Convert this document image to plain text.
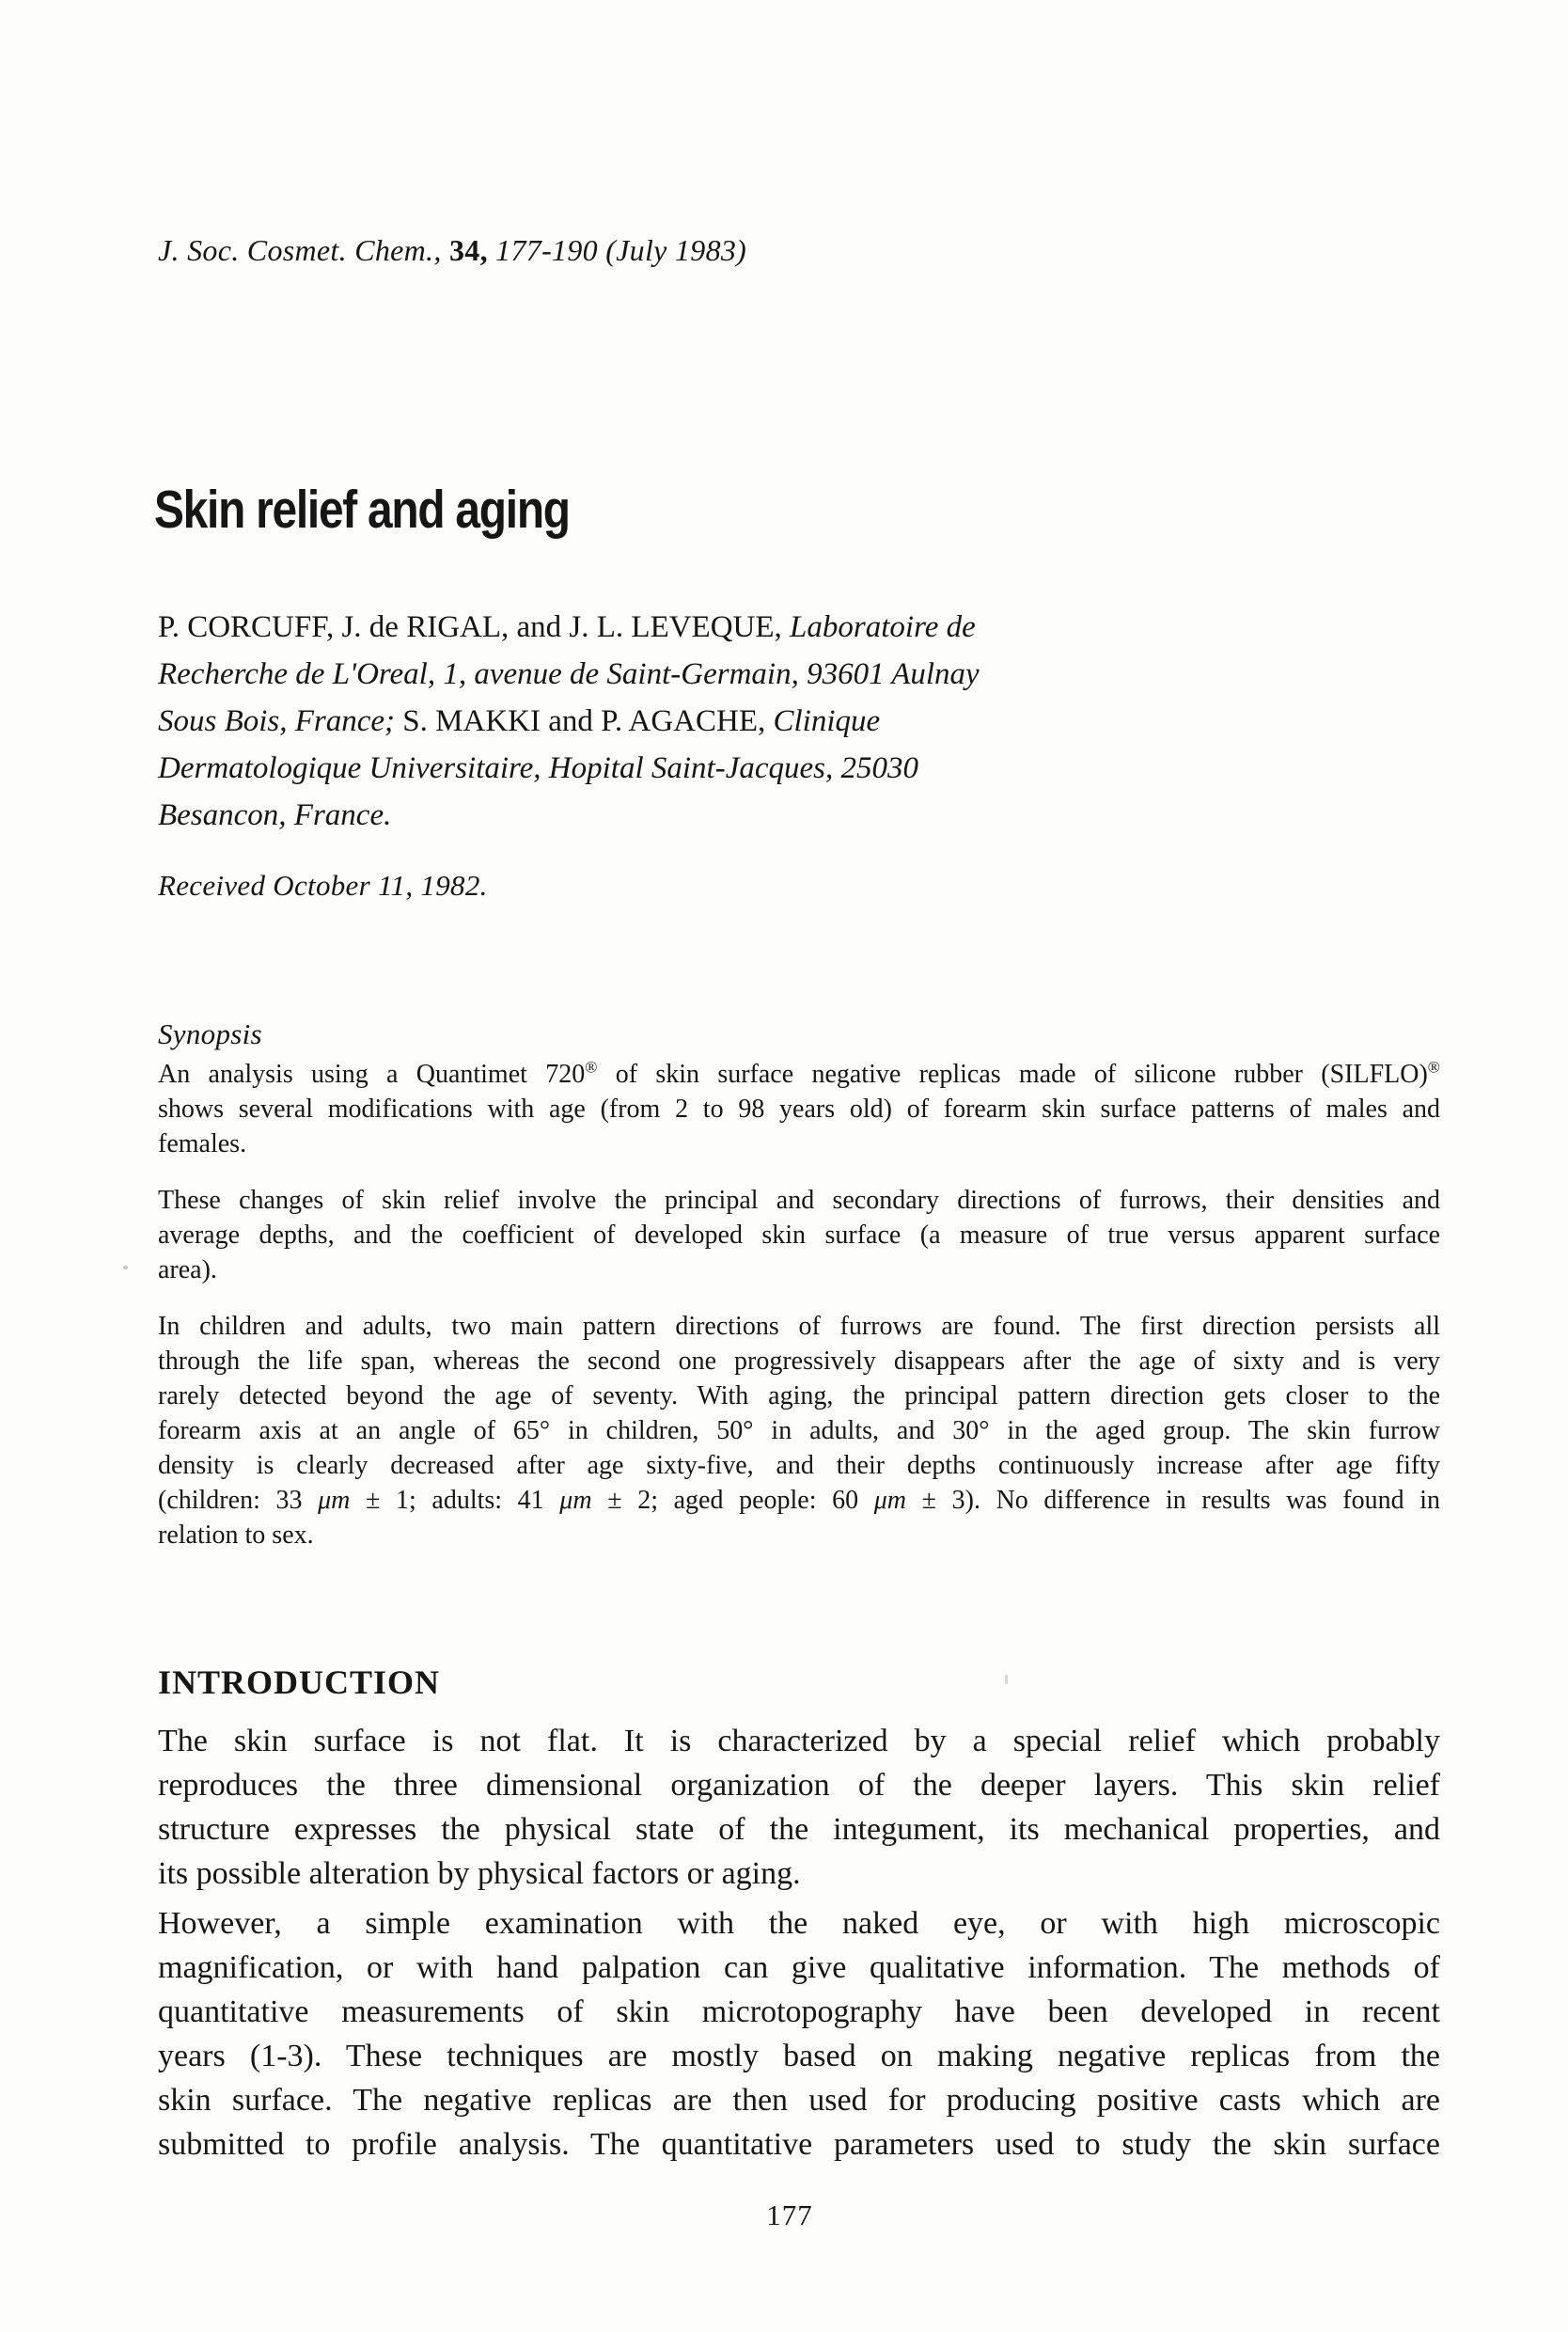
J. Soc. Cosmet. Chem., 34, 177-190 (July 1983)
Skin relief and aging
P. CORCUFF, J. de RIGAL, and J. L. LEVEQUE, Laboratoire de
Recherche de L'Oreal, 1, avenue de Saint-Germain, 93601 Aulnay
Sous Bois, France; S. MAKKI and P. AGACHE, Clinique
Dermatologique Universitaire, Hopital Saint-Jacques, 25030
Besancon, France.
Received October 11, 1982.
Synopsis
An analysis using a Quantimet 720® of skin surface negative replicas made of silicone rubber (SILFLO)®
shows several modifications with age (from 2 to 98 years old) of forearm skin surface patterns of males and
females.
These changes of skin relief involve the principal and secondary directions of furrows, their densities and
average depths, and the coefficient of developed skin surface (a measure of true versus apparent surface
area).
In children and adults, two main pattern directions of furrows are found. The first direction persists all
through the life span, whereas the second one progressively disappears after the age of sixty and is very
rarely detected beyond the age of seventy. With aging, the principal pattern direction gets closer to the
forearm axis at an angle of 65° in children, 50° in adults, and 30° in the aged group. The skin furrow
density is clearly decreased after age sixty-five, and their depths continuously increase after age fifty
(children: 33 μm ± 1; adults: 41 μm ± 2; aged people: 60 μm ± 3). No difference in results was found in
relation to sex.
INTRODUCTION
The skin surface is not flat. It is characterized by a special relief which probably
reproduces the three dimensional organization of the deeper layers. This skin relief
structure expresses the physical state of the integument, its mechanical properties, and
its possible alteration by physical factors or aging.
However, a simple examination with the naked eye, or with high microscopic
magnification, or with hand palpation can give qualitative information. The methods of
quantitative measurements of skin microtopography have been developed in recent
years (1-3). These techniques are mostly based on making negative replicas from the
skin surface. The negative replicas are then used for producing positive casts which are
submitted to profile analysis. The quantitative parameters used to study the skin surface
177
